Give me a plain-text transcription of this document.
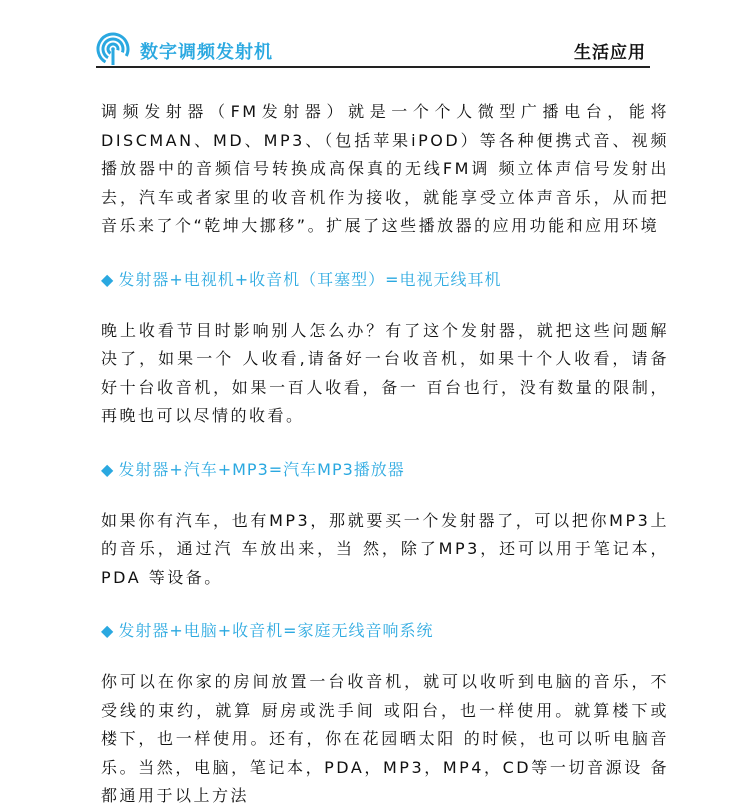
数字调频发射机	生活应用

调频发射器（FM发射器）就是一个个人微型广播电台，能将DISCMAN、MD、MP3、（包括苹果iPOD）等各种便携式音、视频播放器中的音频信号转换成高保真的无线FM调 频立体声信号发射出去，汽车或者家里的收音机作为接收，就能享受立体声音乐，从而把音乐来了个“乾坤大挪移”。扩展了这些播放器的应用功能和应用环境

◆ 发射器+电视机+收音机（耳塞型）=电视无线耳机

晚上收看节目时影响别人怎么办？有了这个发射器，就把这些问题解决了，如果一个 人收看,请备好一台收音机，如果十个人收看，请备好十台收音机，如果一百人收看，备一 百台也行，没有数量的限制，再晚也可以尽情的收看。

◆ 发射器+汽车+MP3=汽车MP3播放器

如果你有汽车，也有MP3，那就要买一个发射器了，可以把你MP3上的音乐，通过汽 车放出来，当 然，除了MP3，还可以用于笔记本，PDA 等设备。

◆ 发射器+电脑+收音机=家庭无线音响系统

你可以在你家的房间放置一台收音机，就可以收听到电脑的音乐，不受线的束约，就算 厨房或洗手间 或阳台，也一样使用。就算楼下或楼下，也一样使用。还有，你在花园晒太阳 的时候，也可以听电脑音乐。当然，电脑，笔记本，PDA，MP3，MP4，CD等一切音源设 备都通用于以上方法
